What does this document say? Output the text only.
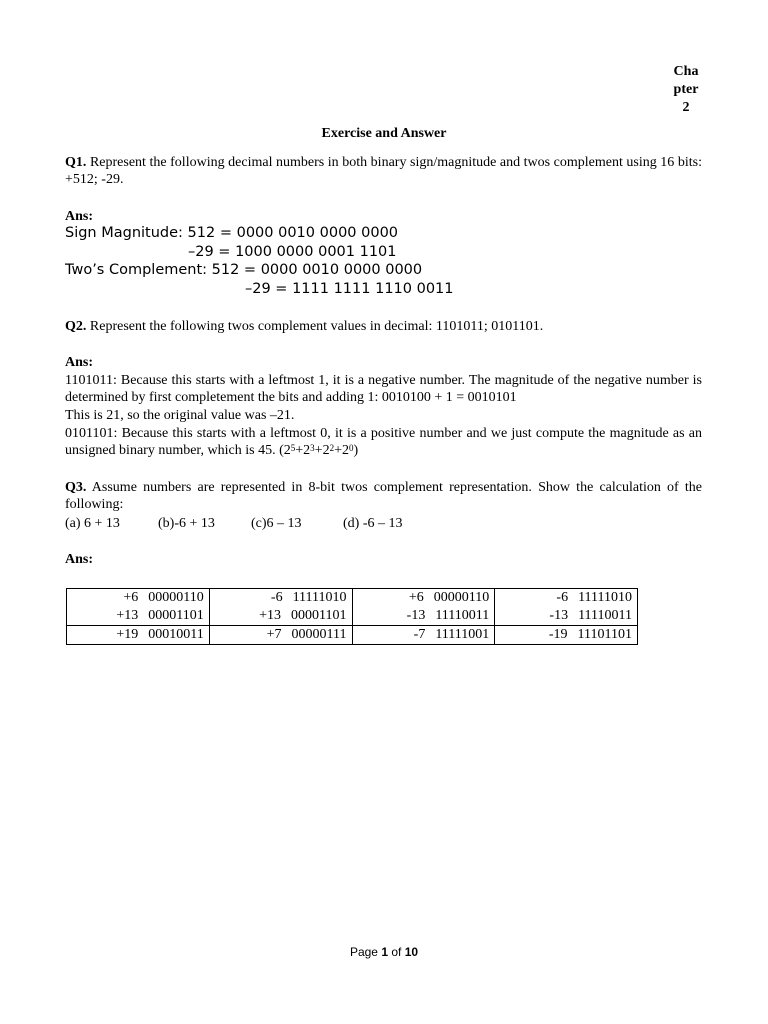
Cha
pter
2
Exercise and Answer
Q1. Represent the following decimal numbers in both binary sign/magnitude and twos complement using 16 bits: +512; -29.
Ans:
Sign Magnitude: 512 = 0000 0010 0000 0000
–29 = 1000 0000 0001 1101
Two’s Complement: 512 = 0000 0010 0000 0000
–29 = 1111 1111 1110 0011
Q2. Represent the following twos complement values in decimal: 1101011; 0101101.
Ans:
1101011: Because this starts with a leftmost 1, it is a negative number. The magnitude of the negative number is determined by first completement the bits and adding 1: 0010100 + 1 = 0010101
This is 21, so the original value was –21.
0101101: Because this starts with a leftmost 0, it is a positive number and we just compute the magnitude as an unsigned binary number, which is 45. $(2^5+2^3+2^2+2^0)$
Q3. Assume numbers are represented in 8-bit twos complement representation. Show the calculation of the following:
(a) 6 + 13	(b)-6 + 13	(c)6 – 13	(d) -6 – 13
Ans:
+6 00000110	-6 11111010	+6 00000110	-6 11111010

+13 00001101	+13 00001101	-13 11110011	-13 11110011

+19 00010011	+7 00000111	-7 11111001	-19 11101101
Page 1 of 10
